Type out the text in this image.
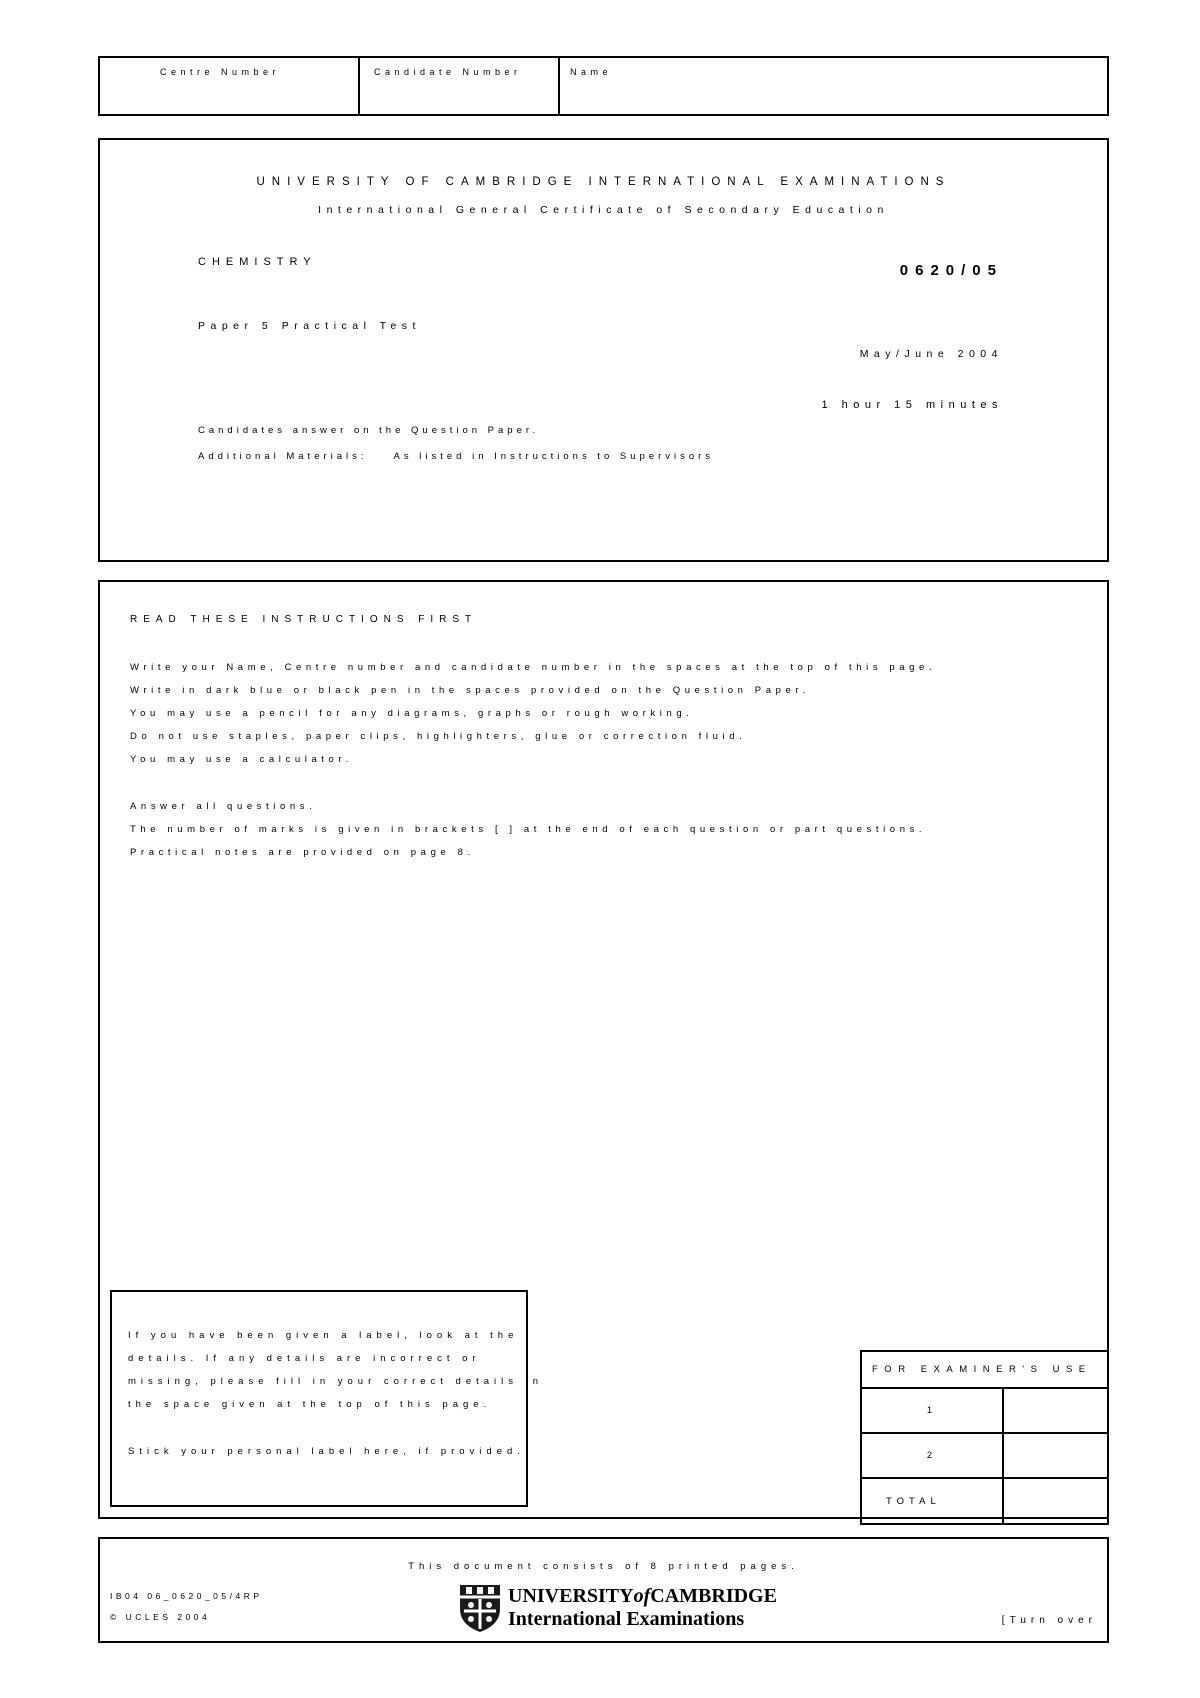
Centre Number	Candidate Number	Name
UNIVERSITY OF CAMBRIDGE INTERNATIONAL EXAMINATIONS
International General Certificate of Secondary Education
CHEMISTRY	0620/05
Paper 5 Practical Test
May/June 2004
1 hour 15 minutes
Candidates answer on the Question Paper.
Additional Materials:	As listed in Instructions to Supervisors
READ THESE INSTRUCTIONS FIRST
Write your Name, Centre number and candidate number in the spaces at the top of this page.
Write in dark blue or black pen in the spaces provided on the Question Paper.
You may use a pencil for any diagrams, graphs or rough working.
Do not use staples, paper clips, highlighters, glue or correction fluid.
You may use a calculator.
Answer all questions.
The number of marks is given in brackets [ ] at the end of each question or part questions.
Practical notes are provided on page 8.
If you have been given a label, look at the
details. If any details are incorrect or
missing, please fill in your correct details in
the space given at the top of this page.
Stick your personal label here, if provided.
FOR EXAMINER'S USE	
1	
2	
TOTAL	
This document consists of 8 printed pages.
IB04 06_0620_05/4RP
© UCLES 2004
UNIVERSITYofCAMBRIDGE
International Examinations	[Turn over
